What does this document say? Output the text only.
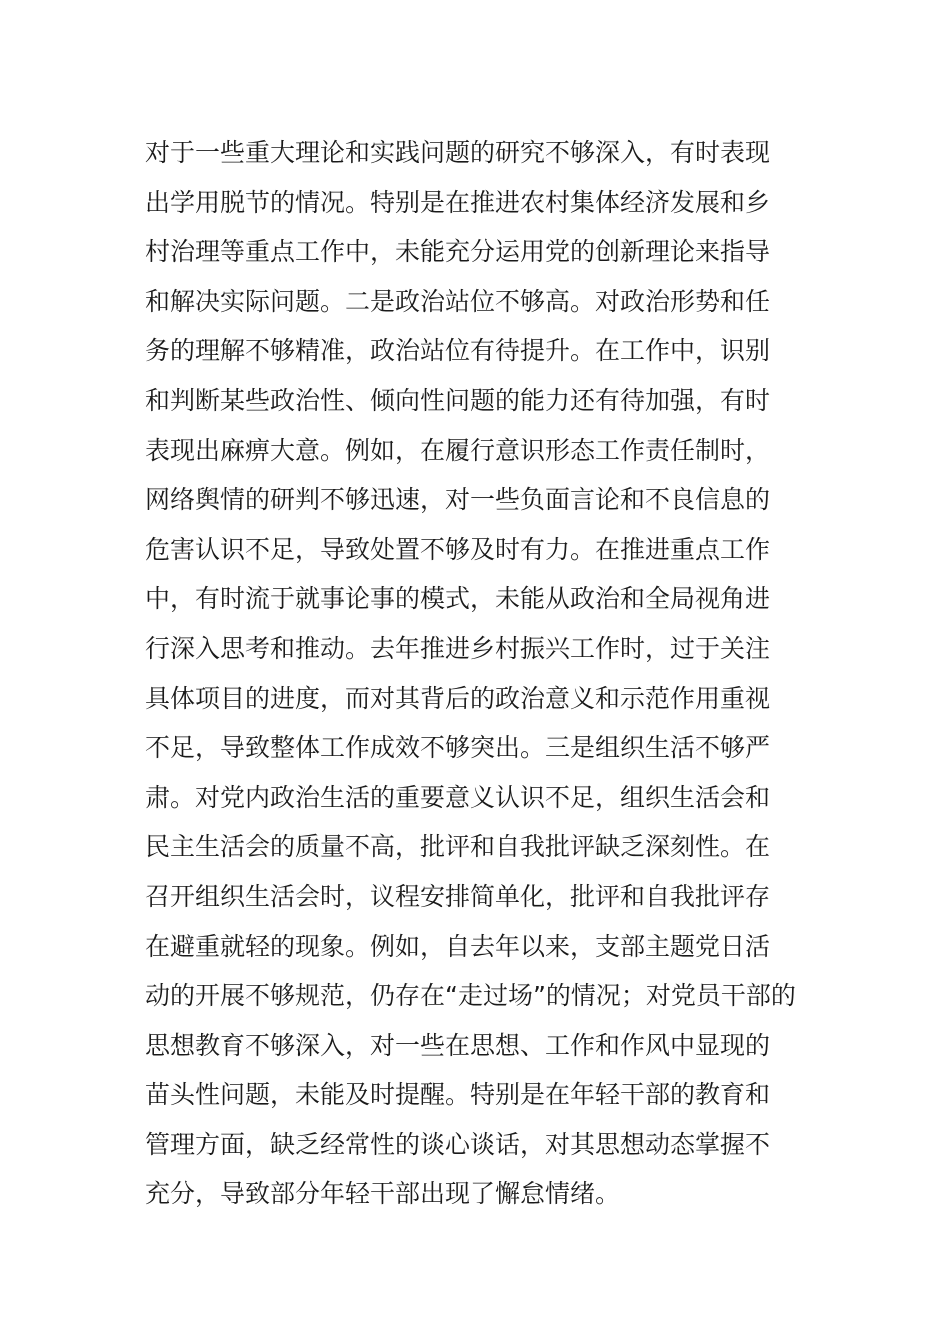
对于一些重大理论和实践问题的研究不够深入，有时表现
出学用脱节的情况。特别是在推进农村集体经济发展和乡
村治理等重点工作中，未能充分运用党的创新理论来指导
和解决实际问题。二是政治站位不够高。对政治形势和任
务的理解不够精准，政治站位有待提升。在工作中，识别
和判断某些政治性、倾向性问题的能力还有待加强，有时
表现出麻痹大意。例如，在履行意识形态工作责任制时，
网络舆情的研判不够迅速，对一些负面言论和不良信息的
危害认识不足，导致处置不够及时有力。在推进重点工作
中，有时流于就事论事的模式，未能从政治和全局视角进
行深入思考和推动。去年推进乡村振兴工作时，过于关注
具体项目的进度，而对其背后的政治意义和示范作用重视
不足，导致整体工作成效不够突出。三是组织生活不够严
肃。对党内政治生活的重要意义认识不足，组织生活会和
民主生活会的质量不高，批评和自我批评缺乏深刻性。在
召开组织生活会时，议程安排简单化，批评和自我批评存
在避重就轻的现象。例如，自去年以来，支部主题党日活
动的开展不够规范，仍存在“走过场”的情况；对党员干部的
思想教育不够深入，对一些在思想、工作和作风中显现的
苗头性问题，未能及时提醒。特别是在年轻干部的教育和
管理方面，缺乏经常性的谈心谈话，对其思想动态掌握不
充分，导致部分年轻干部出现了懈怠情绪。
